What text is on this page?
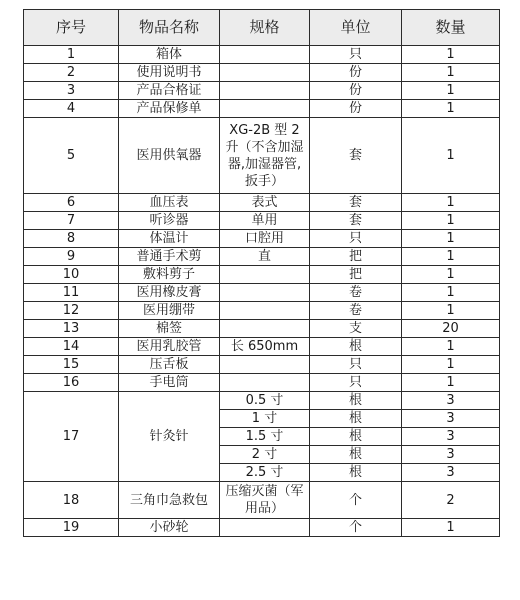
序号	物品名称	规格	单位	数量
1	箱体		只	1
2	使用说明书		份	1
3	产品合格证		份	1
4	产品保修单		份	1
5	医用供氧器	XG-2B 型 2 升（不含加湿器,加湿器管,扳手）	套	1
6	血压表	表式	套	1
7	听诊器	单用	套	1
8	体温计	口腔用	只	1
9	普通手术剪	直	把	1
10	敷料剪子		把	1
11	医用橡皮膏		卷	1
12	医用绷带		卷	1
13	棉签		支	20
14	医用乳胶管	长 650mm	根	1
15	压舌板		只	1
16	手电筒		只	1
17	针灸针	0.5 寸	根	3
		1 寸	根	3
		1.5 寸	根	3
		2 寸	根	3
		2.5 寸	根	3
18	三角巾急救包	压缩灭菌（军用品）	个	2
19	小砂轮		个	1
